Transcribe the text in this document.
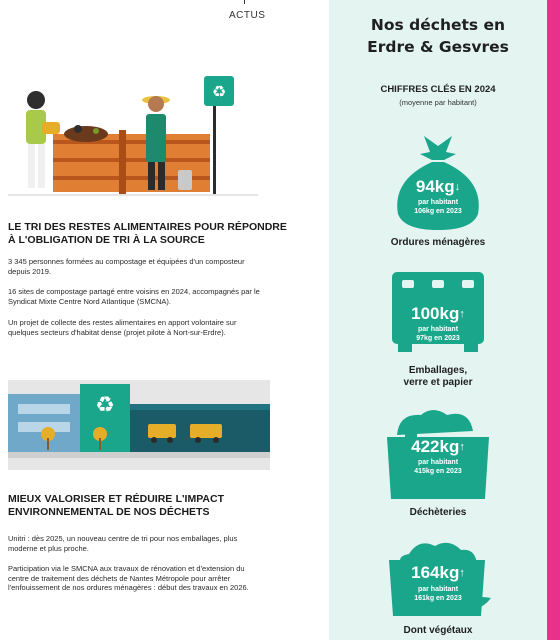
ACTUS
♻
LE TRI DES RESTES ALIMENTAIRES POUR RÉPONDRE
À L'OBLIGATION DE TRI À LA SOURCE
3 345 personnes formées au compostage et équipées d'un composteur depuis 2019.
16 sites de compostage partagé entre voisins en 2024, accompagnés par le Syndicat Mixte Centre Nord Atlantique (SMCNA).
Un projet de collecte des restes alimentaires en apport volontaire sur quelques secteurs d'habitat dense (projet pilote à Nort-sur-Erdre).
♻
MIEUX VALORISER ET RÉDUIRE L'IMPACT
ENVIRONNEMENTAL DE NOS DÉCHETS
Unitri : dès 2025, un nouveau centre de tri pour nos emballages, plus moderne et plus proche.
Participation via le SMCNA aux travaux de rénovation et d'extension du centre de traitement des déchets de Nantes Métropole pour arrêter l'enfouissement de nos ordures ménagères : début des travaux en 2026.
Nos déchets en
Erdre & Gesvres
CHIFFRES CLÉS EN 2024
(moyenne par habitant)
94kg↓
par habitant
106kg en 2023
Ordures ménagères
100kg↑
par habitant
97kg en 2023
Emballages,
verre et papier
422kg↑
par habitant
415kg en 2023
Déchèteries
164kg↑
par habitant
161kg en 2023
Dont végétaux
